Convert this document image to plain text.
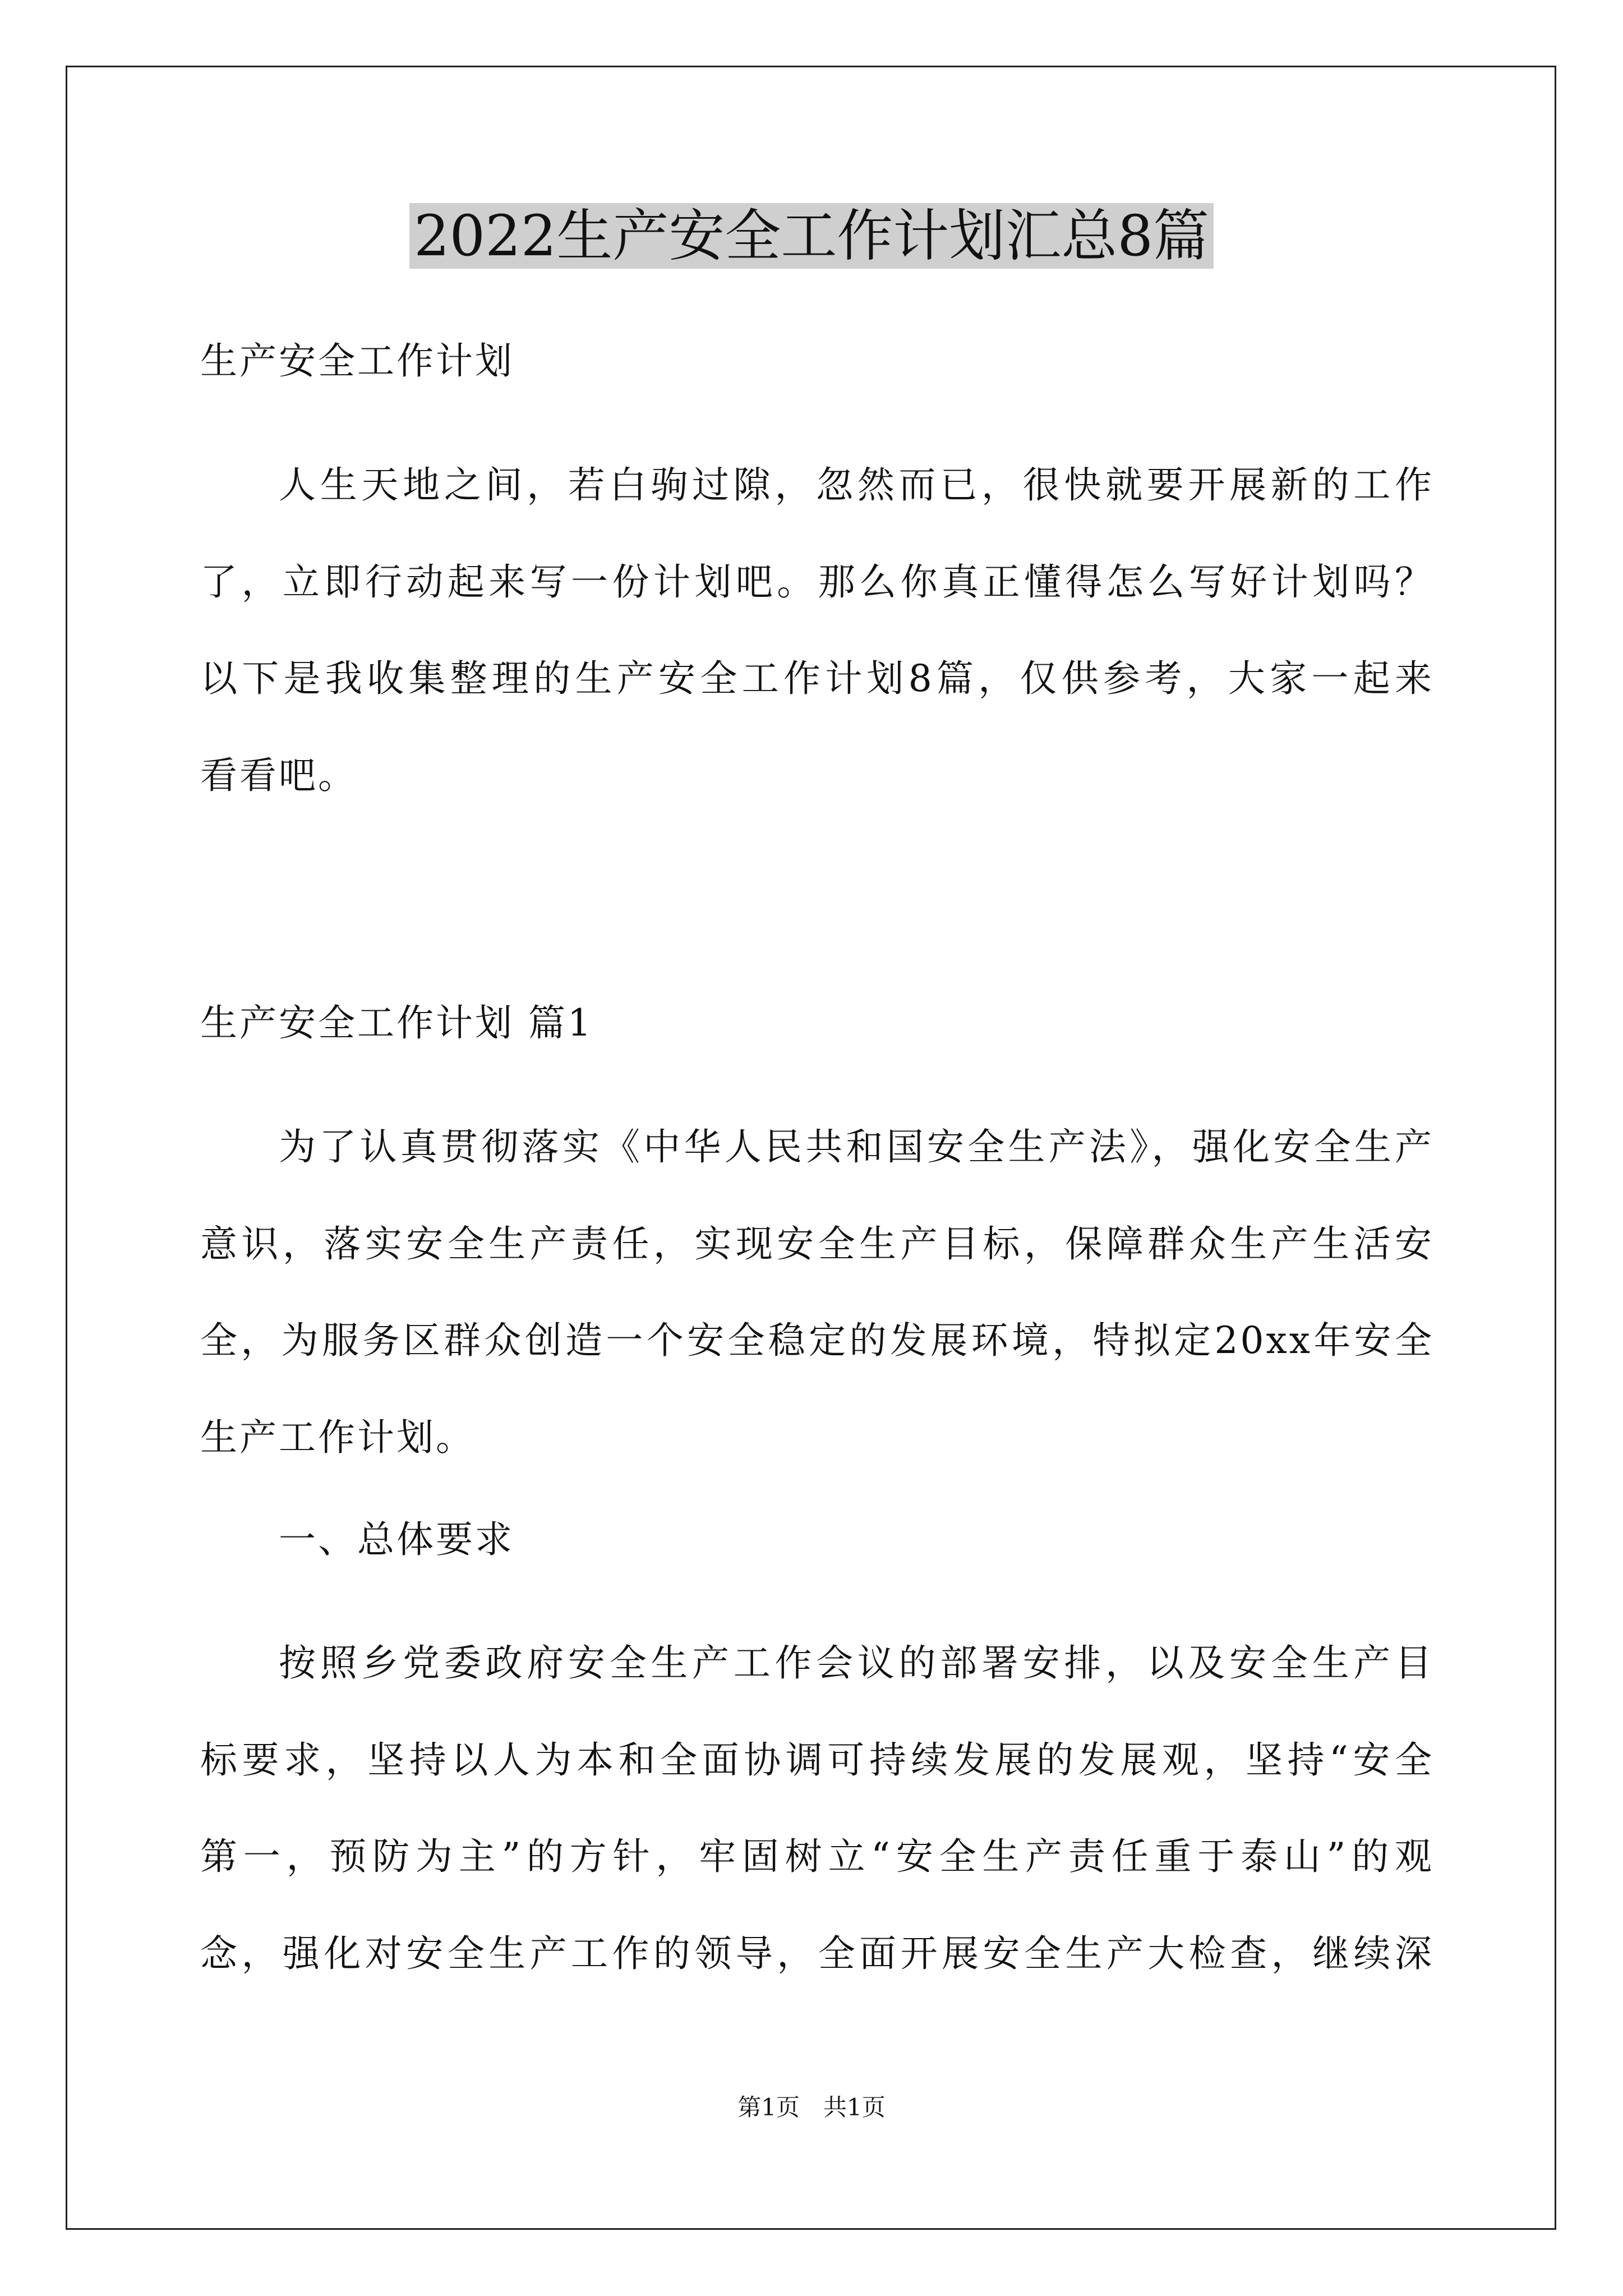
2022生产安全工作计划汇总8篇
生产安全工作计划
人生天地之间，若白驹过隙，忽然而已，很快就要开展新的工作
了，立即行动起来写一份计划吧。那么你真正懂得怎么写好计划吗？
以下是我收集整理的生产安全工作计划8篇，仅供参考，大家一起来
看看吧。
生产安全工作计划 篇1
为了认真贯彻落实《中华人民共和国安全生产法》，强化安全生产
意识，落实安全生产责任，实现安全生产目标，保障群众生产生活安
全，为服务区群众创造一个安全稳定的发展环境，特拟定20xx年安全
生产工作计划。
一、总体要求
按照乡党委政府安全生产工作会议的部署安排，以及安全生产目
标要求，坚持以人为本和全面协调可持续发展的发展观，坚持“安全
第一，预防为主”的方针，牢固树立“安全生产责任重于泰山”的观
念，强化对安全生产工作的领导，全面开展安全生产大检查，继续深
第1页　共1页
